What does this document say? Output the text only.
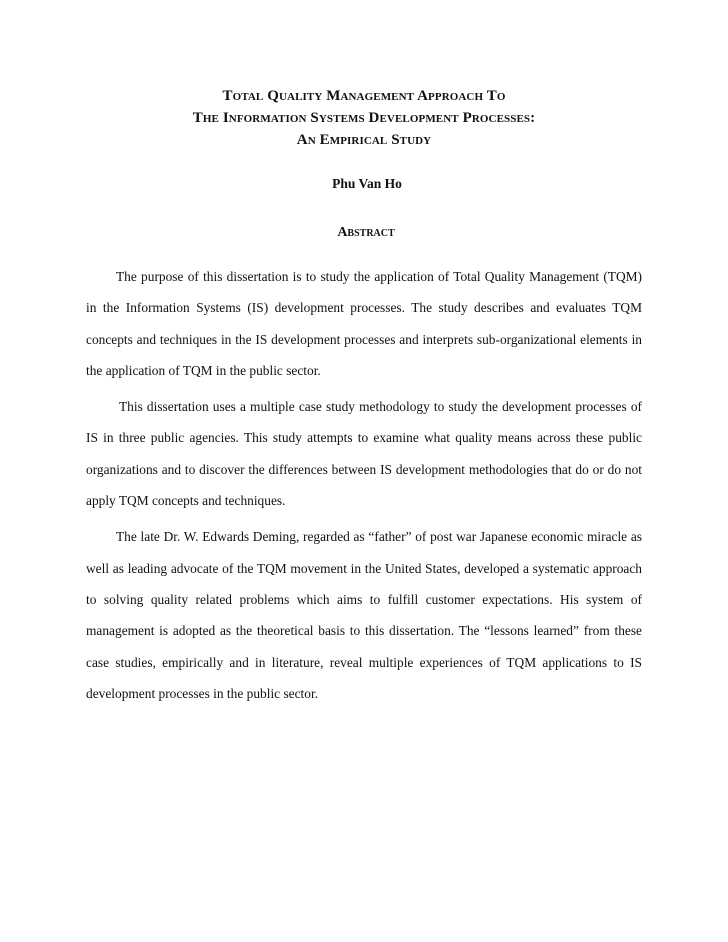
Total Quality Management Approach To
The Information Systems Development Processes:
An Empirical Study
Phu Van Ho
Abstract

The purpose of this dissertation is to study the application of Total Quality Management (TQM) in the Information Systems (IS) development processes. The study describes and evaluates TQM concepts and techniques in the IS development processes and interprets sub-organizational elements in the application of TQM in the public sector.

This dissertation uses a multiple case study methodology to study the development processes of IS in three public agencies. This study attempts to examine what quality means across these public organizations and to discover the differences between IS development methodologies that do or do not apply TQM concepts and techniques.

The late Dr. W. Edwards Deming, regarded as “father” of post war Japanese economic miracle as well as leading advocate of the TQM movement in the United States, developed a systematic approach to solving quality related problems which aims to fulfill customer expectations. His system of management is adopted as the theoretical basis to this dissertation. The “lessons learned” from these case studies, empirically and in literature, reveal multiple experiences of TQM applications to IS development processes in the public sector.
